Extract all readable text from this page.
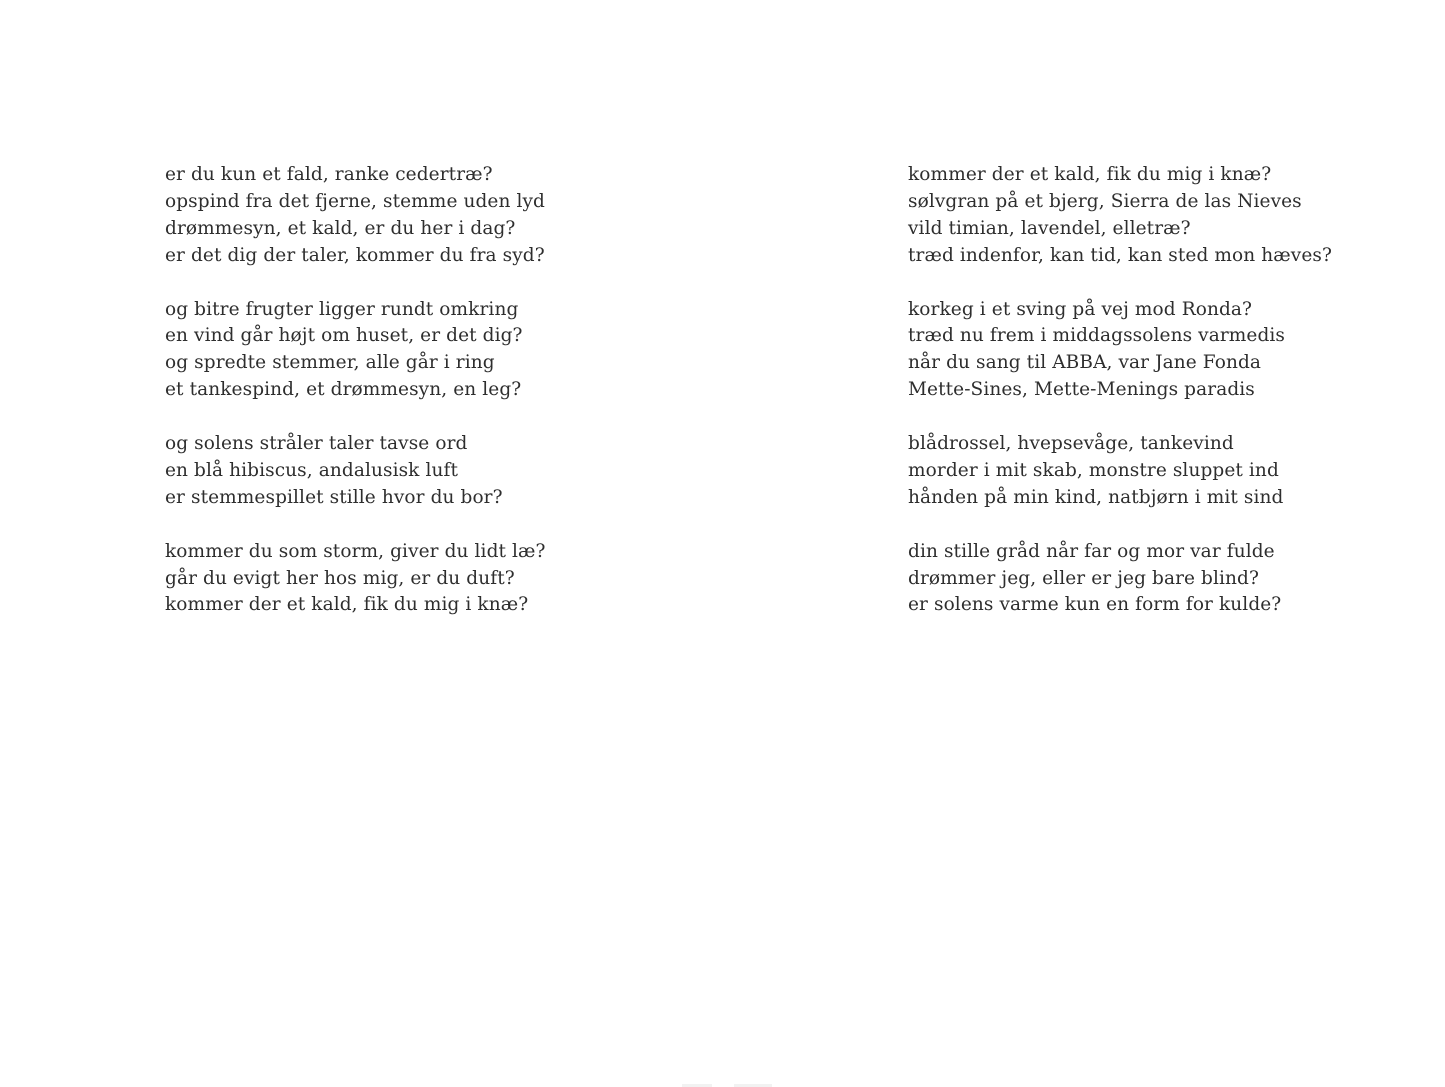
er du kun et fald, ranke cedertræ?

opspind fra det fjerne, stemme uden lyd

drømmesyn, et kald, er du her i dag?

er det dig der taler, kommer du fra syd?

og bitre frugter ligger rundt omkring

en vind går højt om huset, er det dig?

og spredte stemmer, alle går i ring

et tankespind, et drømmesyn, en leg?

og solens stråler taler tavse ord

en blå hibiscus, andalusisk luft

er stemmespillet stille hvor du bor?

kommer du som storm, giver du lidt læ?

går du evigt her hos mig, er du duft?

kommer der et kald, fik du mig i knæ?

kommer der et kald, fik du mig i knæ?

sølvgran på et bjerg, Sierra de las Nieves

vild timian, lavendel, elletræ?

træd indenfor, kan tid, kan sted mon hæves?

korkeg i et sving på vej mod Ronda?

træd nu frem i middagssolens varmedis

når du sang til ABBA, var Jane Fonda

Mette-Sines, Mette-Menings paradis

blådrossel, hvepsevåge, tankevind

morder i mit skab, monstre sluppet ind

hånden på min kind, natbjørn i mit sind

din stille gråd når far og mor var fulde

drømmer jeg, eller er jeg bare blind?

er solens varme kun en form for kulde?
